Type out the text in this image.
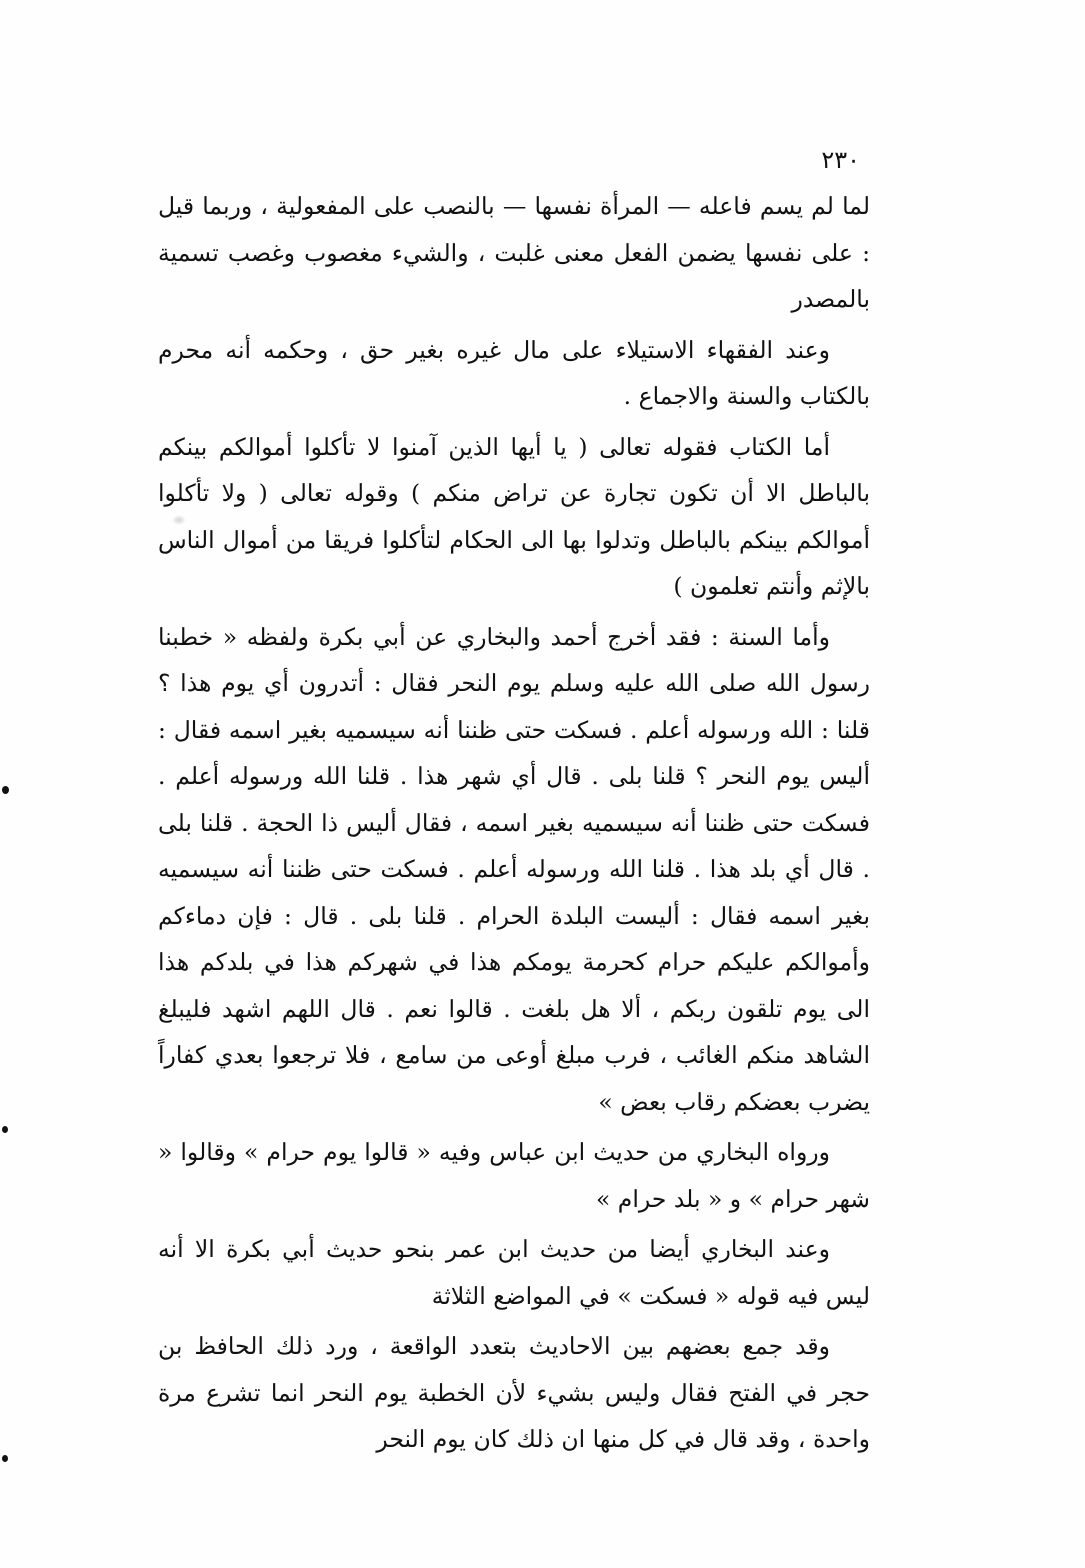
٢٣٠

لما لم يسم فاعله — المرأة نفسها — بالنصب على المفعولية ، وربما قيل : على نفسها يضمن الفعل معنى غلبت ، والشيء مغصوب وغصب تسمية بالمصدر

وعند الفقهاء الاستيلاء على مال غيره بغير حق ، وحكمه أنه محرم بالكتاب والسنة والاجماع .

أما الكتاب فقوله تعالى ( يا أيها الذين آمنوا لا تأكلوا أموالكم بينكم بالباطل الا أن تكون تجارة عن تراض منكم ) وقوله تعالى ( ولا تأكلوا أموالكم بينكم بالباطل وتدلوا بها الى الحكام لتأكلوا فريقا من أموال الناس بالإثم وأنتم تعلمون )

وأما السنة : فقد أخرج أحمد والبخاري عن أبي بكرة ولفظه « خطبنا رسول الله صلى الله عليه وسلم يوم النحر فقال : أتدرون أي يوم هذا ؟ قلنا : الله ورسوله أعلم . فسكت حتى ظننا أنه سيسميه بغير اسمه فقال : أليس يوم النحر ؟ قلنا بلى . قال أي شهر هذا . قلنا الله ورسوله أعلم . فسكت حتى ظننا أنه سيسميه بغير اسمه ، فقال أليس ذا الحجة . قلنا بلى . قال أي بلد هذا . قلنا الله ورسوله أعلم . فسكت حتى ظننا أنه سيسميه بغير اسمه فقال : أليست البلدة الحرام . قلنا بلى . قال : فإن دماءكم وأموالكم عليكم حرام كحرمة يومكم هذا في شهركم هذا في بلدكم هذا الى يوم تلقون ربكم ، ألا هل بلغت . قالوا نعم . قال اللهم اشهد فليبلغ الشاهد منكم الغائب ، فرب مبلغ أوعى من سامع ، فلا ترجعوا بعدي كفاراً يضرب بعضكم رقاب بعض »

ورواه البخاري من حديث ابن عباس وفيه « قالوا يوم حرام » وقالوا « شهر حرام » و « بلد حرام »

وعند البخاري أيضا من حديث ابن عمر بنحو حديث أبي بكرة الا أنه ليس فيه قوله « فسكت » في المواضع الثلاثة

وقد جمع بعضهم بين الاحاديث بتعدد الواقعة ، ورد ذلك الحافظ بن حجر في الفتح فقال وليس بشيء لأن الخطبة يوم النحر انما تشرع مرة واحدة ، وقد قال في كل منها ان ذلك كان يوم النحر
